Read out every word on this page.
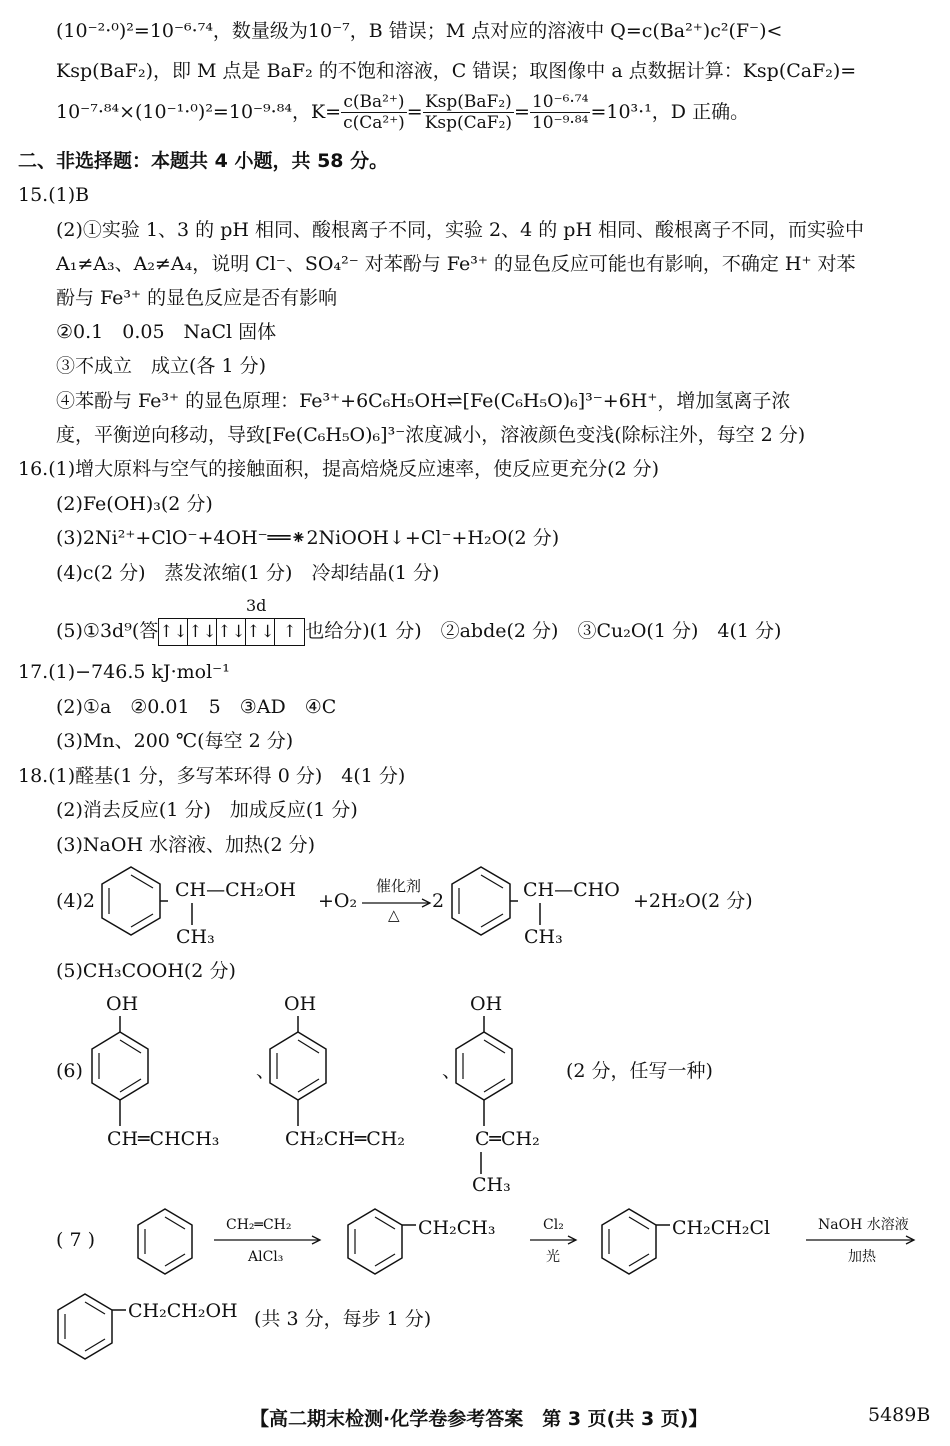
(10⁻²·⁰)²=10⁻⁶·⁷⁴，数量级为10⁻⁷，B 错误；M 点对应的溶液中 Q=c(Ba²⁺)c²(F⁻)<
Ksp(BaF₂)，即 M 点是 BaF₂ 的不饱和溶液，C 错误；取图像中 a 点数据计算：Ksp(CaF₂)=
10⁻⁷·⁸⁴×(10⁻¹·⁰)²=10⁻⁹·⁸⁴，$K= \frac{\text{c(Ba²⁺)}}{\text{c(Ca²⁺)}} = \frac{\text{Ksp(BaF₂)}}{\text{Ksp(CaF₂)}} = \frac{\text{10⁻⁶·⁷⁴}}{\text{10⁻⁹·⁸⁴}} =10^3\cdot^1$，D 正确。
二、非选择题：本题共 4 小题，共 58 分。
15.(1)B
(2)①实验 1、3 的 pH 相同、酸根离子不同，实验 2、4 的 pH 相同、酸根离子不同，而实验中
A₁≠A₃、A₂≠A₄，说明 Cl⁻、SO₄²⁻ 对苯酚与 Fe³⁺ 的显色反应可能也有影响，不确定 H⁺ 对苯
酚与 Fe³⁺ 的显色反应是否有影响
②0.1　0.05　NaCl 固体
③不成立　成立(各 1 分)
④苯酚与 Fe³⁺ 的显色原理：Fe³⁺+6C₆H₅OH⇌[Fe(C₆H₅O)₆]³⁻+6H⁺，增加氢离子浓
度，平衡逆向移动，导致[Fe(C₆H₅O)₆]³⁻浓度减小，溶液颜色变浅(除标注外，每空 2 分)
16.(1)增大原料与空气的接触面积，提高焙烧反应速率，使反应更充分(2 分)
(2)Fe(OH)₃(2 分)
(3)2Ni²⁺+ClO⁻+4OH⁻══⁕2NiOOH↓+Cl⁻+H₂O(2 分)
(4)c(2 分)　蒸发浓缩(1 分)　冷却结晶(1 分)
3d
(5)①3d⁹(答↑↓↑↓↑↓↑↓ ↑ 也给分)(1 分)　②abde(2 分)　③Cu₂O(1 分)　4(1 分)
17.(1)−746.5 kJ·mol⁻¹
(2)①a　②0.01　5　③AD　④C
(3)Mn、200 ℃(每空 2 分)
18.(1)醛基(1 分，多写苯环得 0 分)　4(1 分)
(2)消去反应(1 分)　加成反应(1 分)
(3)NaOH 水溶液、加热(2 分)
(4)2	CH—CH₂OH
CH₃
+O₂
催化剂
△
2	CH—CHO
CH₃
+2H₂O(2 分)
(5)CH₃COOH(2 分)
(6)
OH
CH═CHCH₃
、
OH
CH₂CH═CH₂
、
OH
C═CH₂
CH₃
(2 分，任写一种)
( 7 )
CH₂═CH₂
AlCl₃
CH₂CH₃	Cl₂
光
CH₂CH₂Cl	NaOH 水溶液
加热
CH₂CH₂OH (共 3 分，每步 1 分)
【高二期末检测·化学卷参考答案　第 3 页(共 3 页)】	5489B
